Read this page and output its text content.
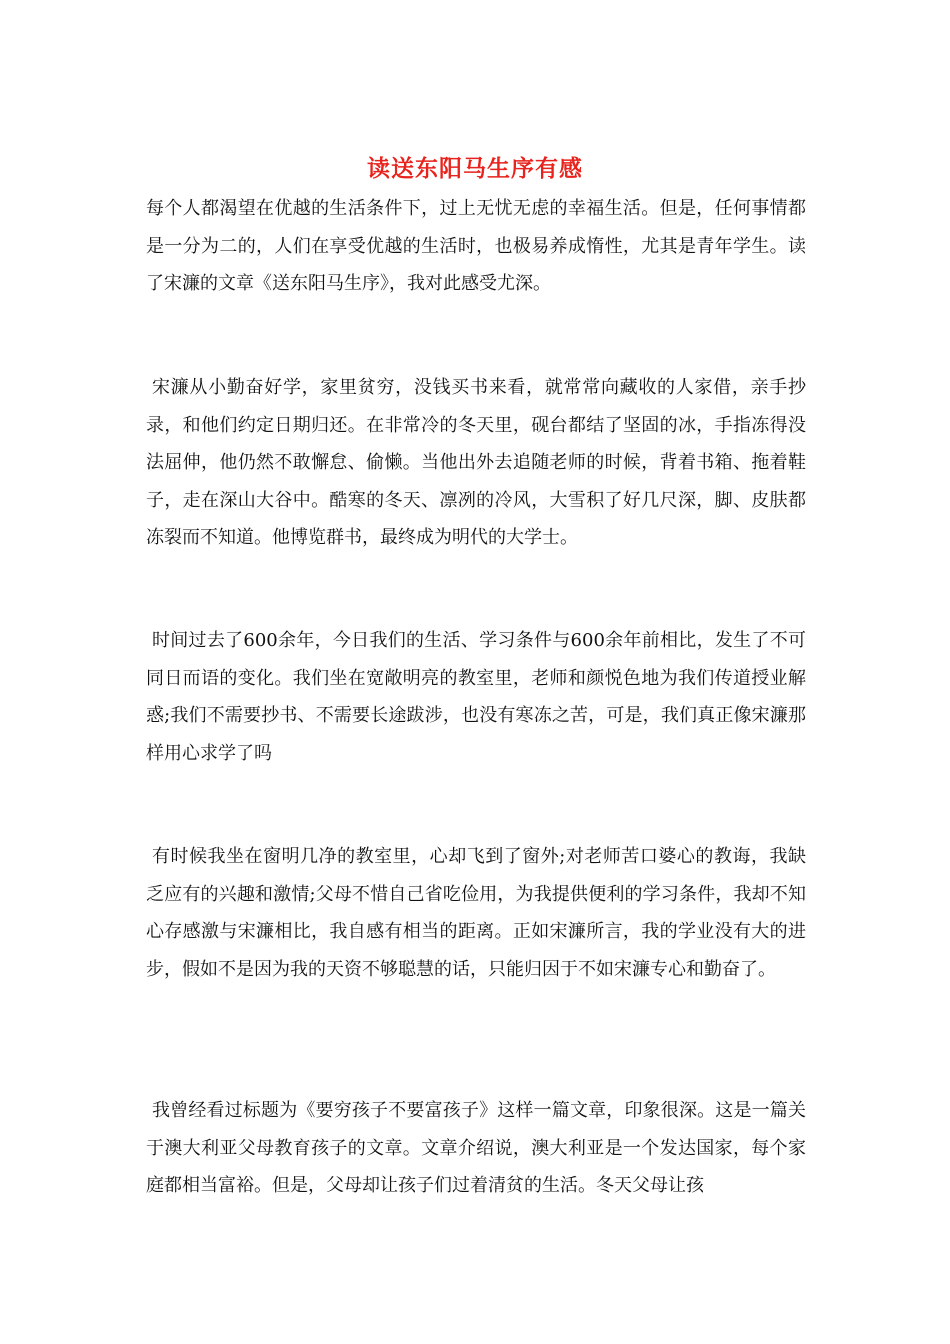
读送东阳马生序有感

每个人都渴望在优越的生活条件下，过上无忧无虑的幸福生活。但是，任何事情都是一分为二的，人们在享受优越的生活时，也极易养成惰性，尤其是青年学生。读了宋濂的文章《送东阳马生序》，我对此感受尤深。

宋濂从小勤奋好学，家里贫穷，没钱买书来看，就常常向藏收的人家借，亲手抄录，和他们约定日期归还。在非常冷的冬天里，砚台都结了坚固的冰，手指冻得没法屈伸，他仍然不敢懈怠、偷懒。当他出外去追随老师的时候，背着书箱、拖着鞋子，走在深山大谷中。酷寒的冬天、凛冽的冷风，大雪积了好几尺深，脚、皮肤都冻裂而不知道。他博览群书，最终成为明代的大学士。

时间过去了600余年，今日我们的生活、学习条件与600余年前相比，发生了不可同日而语的变化。我们坐在宽敞明亮的教室里，老师和颜悦色地为我们传道授业解惑;我们不需要抄书、不需要长途跋涉，也没有寒冻之苦，可是，我们真正像宋濂那样用心求学了吗

有时候我坐在窗明几净的教室里，心却飞到了窗外;对老师苦口婆心的教诲，我缺乏应有的兴趣和激情;父母不惜自己省吃俭用，为我提供便利的学习条件，我却不知心存感激与宋濂相比，我自感有相当的距离。正如宋濂所言，我的学业没有大的进步，假如不是因为我的天资不够聪慧的话，只能归因于不如宋濂专心和勤奋了。

我曾经看过标题为《要穷孩子不要富孩子》这样一篇文章，印象很深。这是一篇关于澳大利亚父母教育孩子的文章。文章介绍说，澳大利亚是一个发达国家，每个家庭都相当富裕。但是，父母却让孩子们过着清贫的生活。冬天父母让孩
